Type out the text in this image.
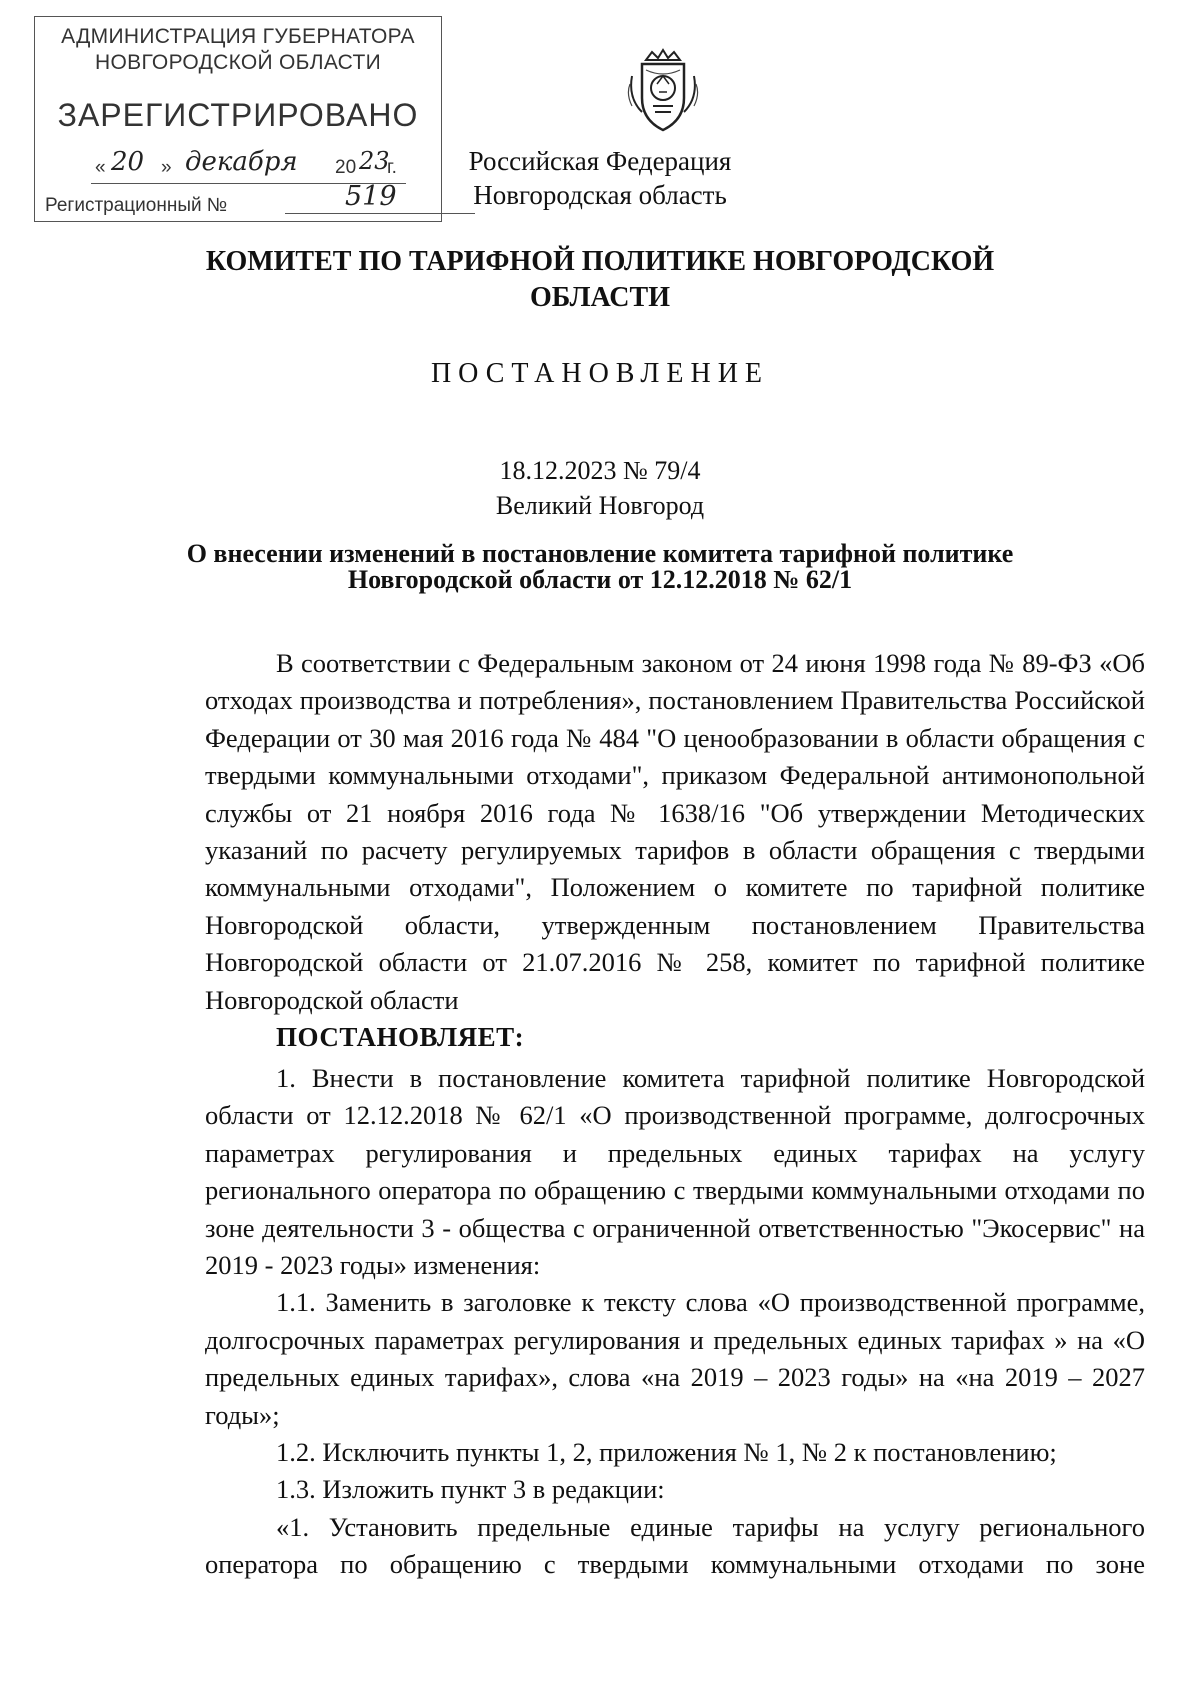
АДМИНИСТРАЦИЯ ГУБЕРНАТОРА
НОВГОРОДСКОЙ ОБЛАСТИ
ЗАРЕГИСТРИРОВАНО
« 20 » декабря 20 23
г.
Регистрационный №	519
Российская Федерация
Новгородская область
КОМИТЕТ ПО ТАРИФНОЙ ПОЛИТИКЕ НОВГОРОДСКОЙ
ОБЛАСТИ
ПОСТАНОВЛЕНИЕ
18.12.2023 № 79/4
Великий Новгород
О внесении изменений в постановление комитета тарифной политике
Новгородской области от 12.12.2018 № 62/1

В соответствии с Федеральным законом от 24 июня 1998 года № 89-ФЗ «Об отходах производства и потребления», постановлением Правительства Российской Федерации от 30 мая 2016 года № 484 "О ценообразовании в области обращения с твердыми коммунальными отходами", приказом Федеральной антимонопольной службы от 21 ноября 2016 года № 1638/16 "Об утверждении Методических указаний по расчету регулируемых тарифов в области обращения с твердыми коммунальными отходами", Положением о комитете по тарифной политике Новгородской области, утвержденным постановлением Правительства Новгородской области от 21.07.2016 № 258, комитет по тарифной политике Новгородской области

ПОСТАНОВЛЯЕТ:

1. Внести в постановление комитета тарифной политике Новгородской области от 12.12.2018 № 62/1 «О производственной программе, долгосрочных параметрах регулирования и предельных единых тарифах на услугу регионального оператора по обращению с твердыми коммунальными отходами по зоне деятельности 3 - общества с ограниченной ответственностью "Экосервис" на 2019 - 2023 годы» изменения:

1.1. Заменить в заголовке к тексту слова «О производственной программе, долгосрочных параметрах регулирования и предельных единых тарифах » на «О предельных единых тарифах», слова «на 2019 – 2023 годы» на «на 2019 – 2027 годы»;

1.2. Исключить пункты 1, 2, приложения № 1, № 2 к постановлению;

1.3. Изложить пункт 3 в редакции:

«1. Установить предельные единые тарифы на услугу регионального оператора по обращению с твердыми коммунальными отходами по зоне
